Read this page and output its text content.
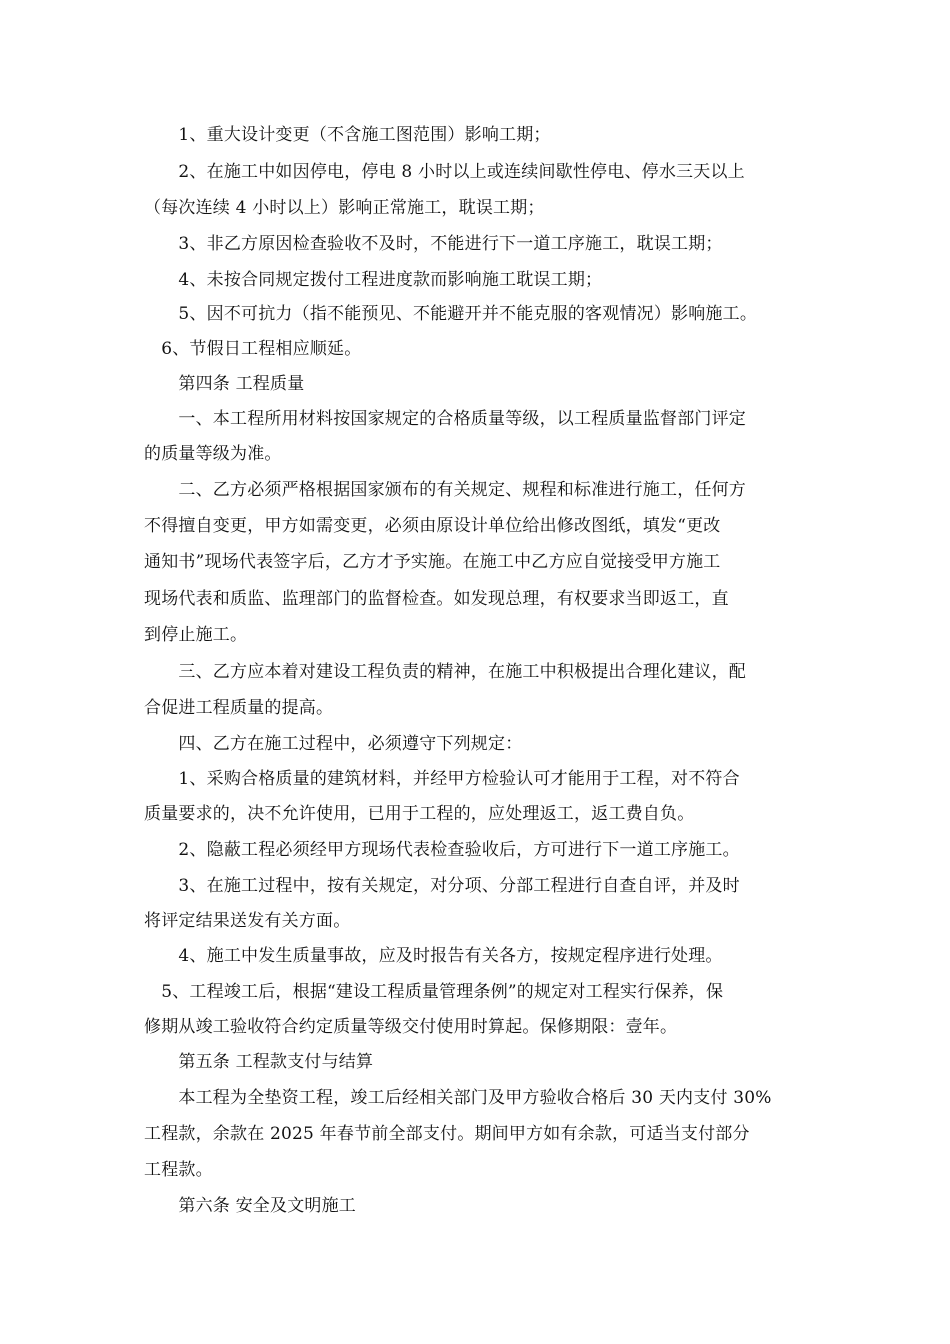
　　1、重大设计变更（不含施工图范围）影响工期；
　　2、在施工中如因停电，停电 8 小时以上或连续间歇性停电、停水三天以上
（每次连续 4 小时以上）影响正常施工，耽误工期；
　　3、非乙方原因检查验收不及时，不能进行下一道工序施工，耽误工期；
　　4、未按合同规定拨付工程进度款而影响施工耽误工期；
　　5、因不可抗力（指不能预见、不能避开并不能克服的客观情况）影响施工。
　6、节假日工程相应顺延。
　　第四条 工程质量
　　一、本工程所用材料按国家规定的合格质量等级，以工程质量监督部门评定
的质量等级为准。
　　二、乙方必须严格根据国家颁布的有关规定、规程和标准进行施工，任何方
不得擅自变更，甲方如需变更，必须由原设计单位给出修改图纸，填发“更改
通知书”现场代表签字后，乙方才予实施。在施工中乙方应自觉接受甲方施工
现场代表和质监、监理部门的监督检查。如发现总理，有权要求当即返工，直
到停止施工。
　　三、乙方应本着对建设工程负责的精神，在施工中积极提出合理化建议，配
合促进工程质量的提高。
　　四、乙方在施工过程中，必须遵守下列规定：
　　1、采购合格质量的建筑材料，并经甲方检验认可才能用于工程，对不符合
质量要求的，决不允许使用，已用于工程的，应处理返工，返工费自负。
　　2、隐蔽工程必须经甲方现场代表检查验收后，方可进行下一道工序施工。
　　3、在施工过程中，按有关规定，对分项、分部工程进行自查自评，并及时
将评定结果送发有关方面。
　　4、施工中发生质量事故，应及时报告有关各方，按规定程序进行处理。
　5、工程竣工后，根据“建设工程质量管理条例”的规定对工程实行保养，保
修期从竣工验收符合约定质量等级交付使用时算起。保修期限：壹年。
　　第五条 工程款支付与结算
　　本工程为全垫资工程，竣工后经相关部门及甲方验收合格后 30 天内支付 30%
工程款，余款在 2025 年春节前全部支付。期间甲方如有余款，可适当支付部分
工程款。
　　第六条 安全及文明施工
